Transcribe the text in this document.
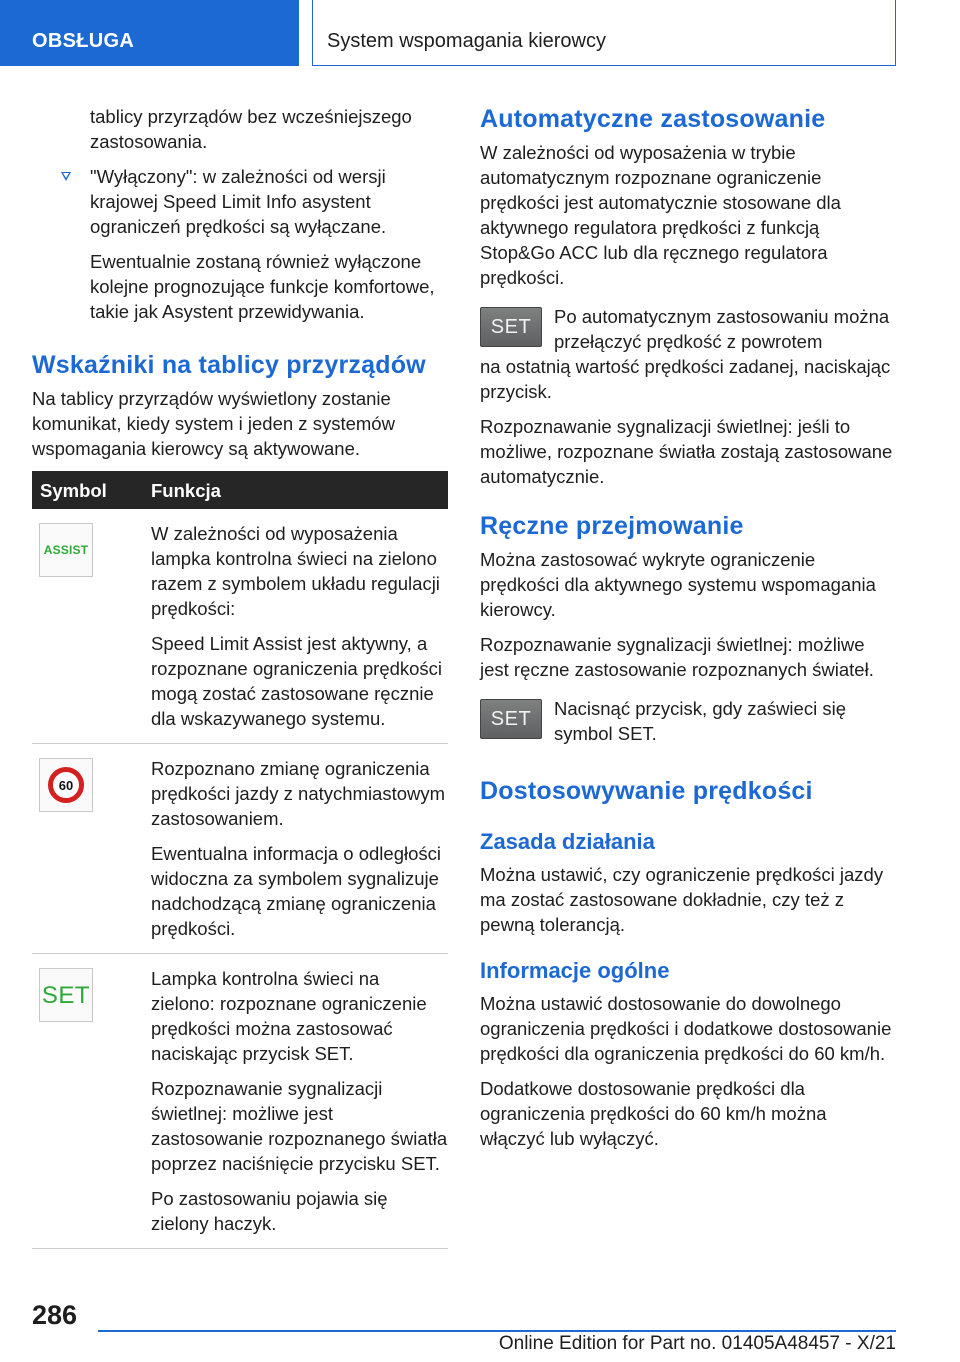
OBSŁUGA	System wspomagania kierowcy

tablicy przyrządów bez wcześniejszego zastosowania.

"Wyłączony": w zależności od wersji krajowej Speed Limit Info asystent ograniczeń prędkości są wyłączane.

Ewentualnie zostaną również wyłączone kolejne prognozujące funkcje komfortowe, takie jak Asystent przewidywania.

Wskaźniki na tablicy przyrządów

Na tablicy przyrządów wyświetlony zostanie komunikat, kiedy system i jeden z systemów wspomagania kierowcy są aktywowane.

Symbol	Funkcja

ASSIST	W zależności od wyposażenia lampka kontrolna świeci na zielono razem z symbolem układu regulacji prędkości:

Speed Limit Assist jest aktywny, a rozpoznane ograniczenia prędkości mogą zostać zastosowane ręcznie dla wskazywanego systemu.

60	Rozpoznano zmianę ograniczenia prędkości jazdy z natychmiastowym zastosowaniem.

Ewentualna informacja o odległości widoczna za symbolem sygnalizuje nadchodzącą zmianę ograniczenia prędkości.

SET	Lampka kontrolna świeci na zielono: rozpoznane ograniczenie prędkości można zastosować naciskając przycisk SET.

Rozpoznawanie sygnalizacji świetlnej: możliwe jest zastosowanie rozpoznanego światła poprzez naciśnięcie przycisku SET.

Po zastosowaniu pojawia się zielony haczyk.

Automatyczne zastosowanie

W zależności od wyposażenia w trybie automatycznym rozpoznane ograniczenie prędkości jest automatycznie stosowane dla aktywnego regulatora prędkości z funkcją Stop&Go ACC lub dla ręcznego regulatora prędkości.

SET Po automatycznym zastosowaniu można przełączyć prędkość z powrotem

na ostatnią wartość prędkości zadanej, naciskając przycisk.

Rozpoznawanie sygnalizacji świetlnej: jeśli to możliwe, rozpoznane światła zostają zastosowane automatycznie.

Ręczne przejmowanie

Można zastosować wykryte ograniczenie prędkości dla aktywnego systemu wspomagania kierowcy.

Rozpoznawanie sygnalizacji świetlnej: możliwe jest ręczne zastosowanie rozpoznanych świateł.

SET Nacisnąć przycisk, gdy zaświeci się symbol SET.

Dostosowywanie prędkości
Zasada działania

Można ustawić, czy ograniczenie prędkości jazdy ma zostać zastosowane dokładnie, czy też z pewną tolerancją.

Informacje ogólne

Można ustawić dostosowanie do dowolnego ograniczenia prędkości i dodatkowe dostosowanie prędkości dla ograniczenia prędkości do 60 km/h.

Dodatkowe dostosowanie prędkości dla ograniczenia prędkości do 60 km/h można włączyć lub wyłączyć.

286
Online Edition for Part no. 01405A48457 - X/21
